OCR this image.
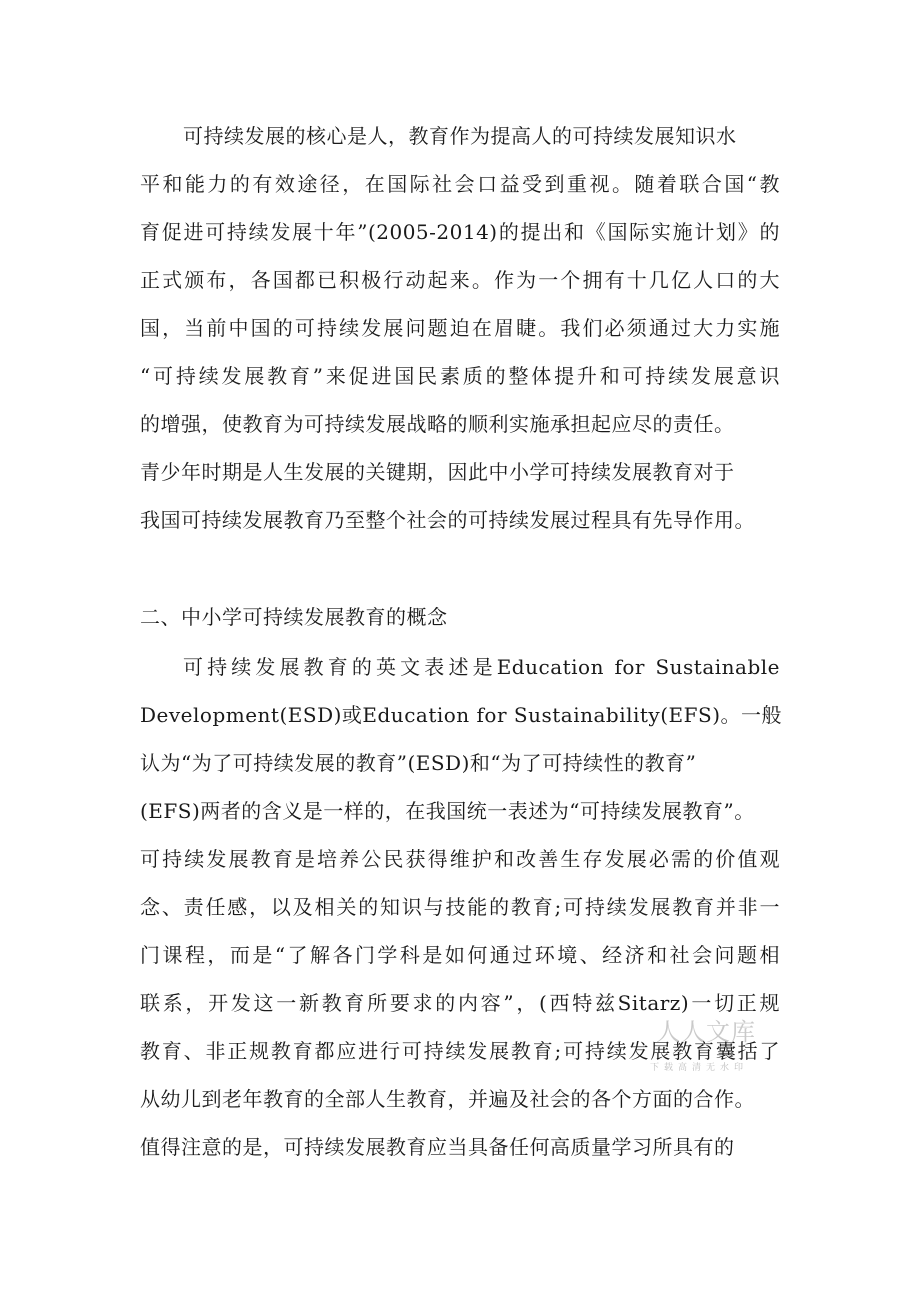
可持续发展的核心是人，教育作为提高人的可持续发展知识水
平和能力的有效途径，在国际社会口益受到重视。随着联合国“教
育促进可持续发展十年”(2005-2014)的提出和《国际实施计划》的
正式颁布，各国都已积极行动起来。作为一个拥有十几亿人口的大
国，当前中国的可持续发展问题迫在眉睫。我们必须通过大力实施
“可持续发展教育”来促进国民素质的整体提升和可持续发展意识
的增强，使教育为可持续发展战略的顺利实施承担起应尽的责任。
青少年时期是人生发展的关键期，因此中小学可持续发展教育对于
我国可持续发展教育乃至整个社会的可持续发展过程具有先导作用。
二、中小学可持续发展教育的概念
可持续发展教育的英文表述是Education for Sustainable
Development(ESD)或Education for Sustainability(EFS)。一般
认为“为了可持续发展的教育”(ESD)和“为了可持续性的教育”
(EFS)两者的含义是一样的，在我国统一表述为“可持续发展教育”。
可持续发展教育是培养公民获得维护和改善生存发展必需的价值观
念、责任感，以及相关的知识与技能的教育;可持续发展教育并非一
门课程，而是“了解各门学科是如何通过环境、经济和社会问题相
联系，开发这一新教育所要求的内容”，(西特兹Sitarz)一切正规
教育、非正规教育都应进行可持续发展教育;可持续发展教育囊括了
从幼儿到老年教育的全部人生教育，并遍及社会的各个方面的合作。
值得注意的是，可持续发展教育应当具备任何高质量学习所具有的
人人文库
下载高清无水印
